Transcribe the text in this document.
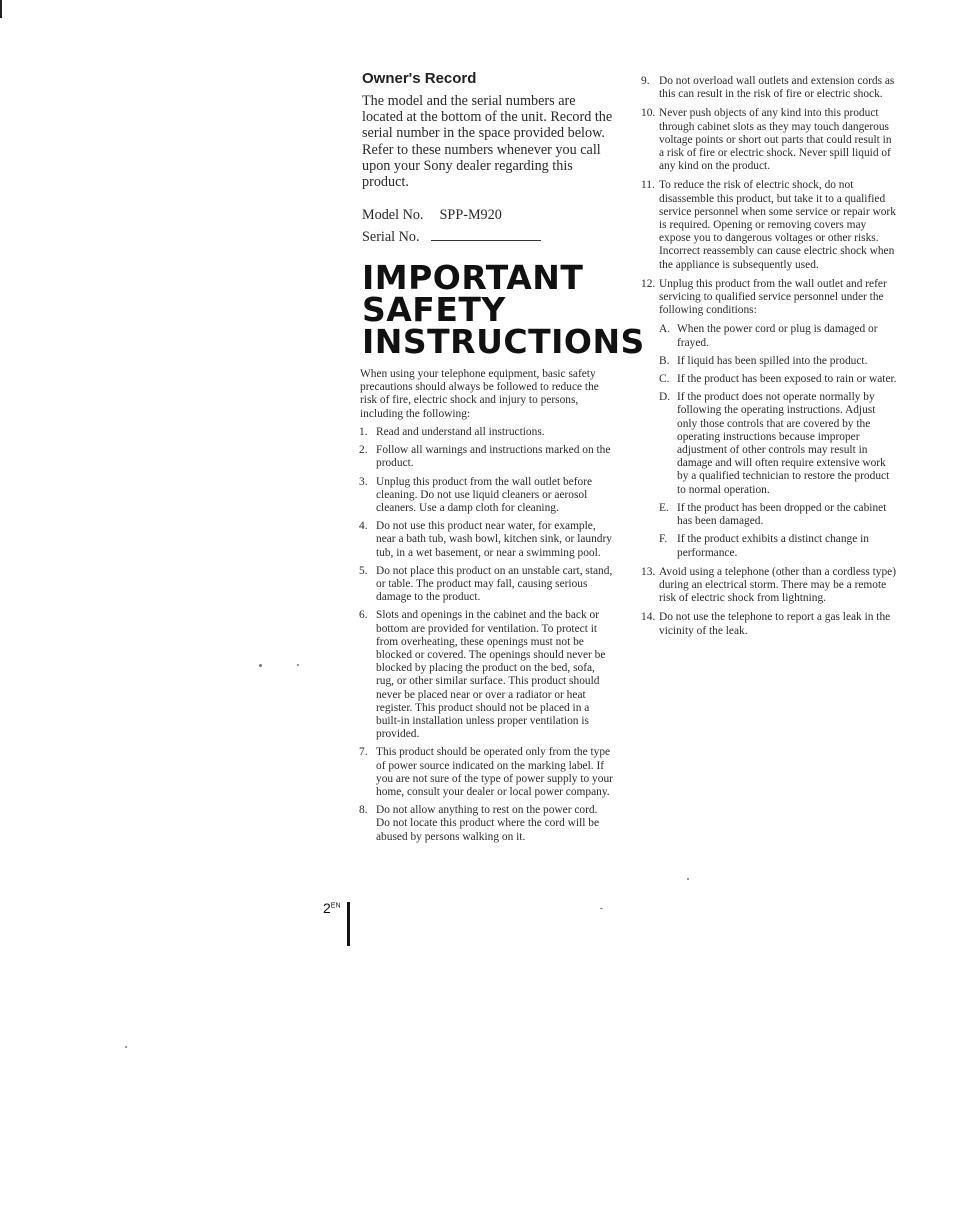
Owner's Record
The model and the serial numbers are located at the bottom of the unit. Record the serial number in the space provided below. Refer to these numbers whenever you call upon your Sony dealer regarding this product.
Model No. SPP-M920
Serial No.
IMPORTANT
SAFETY
INSTRUCTIONS
When using your telephone equipment, basic safety precautions should always be followed to reduce the risk of fire, electric shock and injury to persons, including the following:
1. Read and understand all instructions.
2. Follow all warnings and instructions marked on the product.
3. Unplug this product from the wall outlet before cleaning. Do not use liquid cleaners or aerosol cleaners. Use a damp cloth for cleaning.
4. Do not use this product near water, for example, near a bath tub, wash bowl, kitchen sink, or laundry tub, in a wet basement, or near a swimming pool.
5. Do not place this product on an unstable cart, stand, or table. The product may fall, causing serious damage to the product.
6. Slots and openings in the cabinet and the back or bottom are provided for ventilation. To protect it from overheating, these openings must not be blocked or covered. The openings should never be blocked by placing the product on the bed, sofa, rug, or other similar surface. This product should never be placed near or over a radiator or heat register. This product should not be placed in a built-in installation unless proper ventilation is provided.
7. This product should be operated only from the type of power source indicated on the marking label. If you are not sure of the type of power supply to your home, consult your dealer or local power company.
8. Do not allow anything to rest on the power cord. Do not locate this product where the cord will be abused by persons walking on it.
9. Do not overload wall outlets and extension cords as this can result in the risk of fire or electric shock.
10. Never push objects of any kind into this product through cabinet slots as they may touch dangerous voltage points or short out parts that could result in a risk of fire or electric shock. Never spill liquid of any kind on the product.
11. To reduce the risk of electric shock, do not disassemble this product, but take it to a qualified service personnel when some service or repair work is required. Opening or removing covers may expose you to dangerous voltages or other risks. Incorrect reassembly can cause electric shock when the appliance is subsequently used.
12. Unplug this product from the wall outlet and refer servicing to qualified service personnel under the following conditions:
A. When the power cord or plug is damaged or frayed.
B. If liquid has been spilled into the product.
C. If the product has been exposed to rain or water.
D. If the product does not operate normally by following the operating instructions. Adjust only those controls that are covered by the operating instructions because improper adjustment of other controls may result in damage and will often require extensive work by a qualified technician to restore the product to normal operation.
E. If the product has been dropped or the cabinet has been damaged.
F. If the product exhibits a distinct change in performance.
13. Avoid using a telephone (other than a cordless type) during an electrical storm. There may be a remote risk of electric shock from lightning.
14. Do not use the telephone to report a gas leak in the vicinity of the leak.
$2^{EN}$
